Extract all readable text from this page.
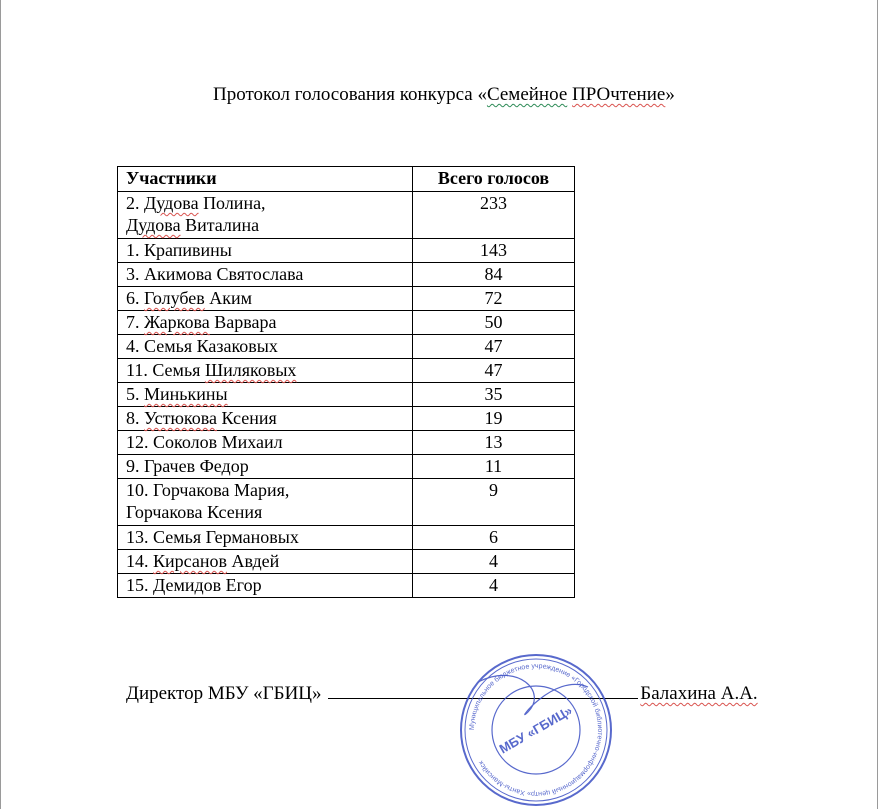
Протокол голосования конкурса «Семейное ПРОчтение»
Участники	Всего голосов

2. Дудова Полина,
Дудова Виталина	233

1. Крапивины	143

3. Акимова Святослава	84

6. Голубев Аким	72

7. Жаркова Варвара	50

4. Семья Казаковых	47

11. Семья Шиляковых	47

5. Минькины	35

8. Устюкова Ксения	19

12. Соколов Михаил	13

9. Грачев Федор	11

10. Горчакова Мария,
Горчакова Ксения	9

13. Семья Германовых	6

14. Кирсанов Авдей	4

15. Демидов Егор	4
Директор МБУ «ГБИЦ»	Балахина А.А.
Муниципальное бюджетное учреждение «Городской библиотечно-информационный центр» Ханты-Мансийск
МБУ «ГБИЦ»
